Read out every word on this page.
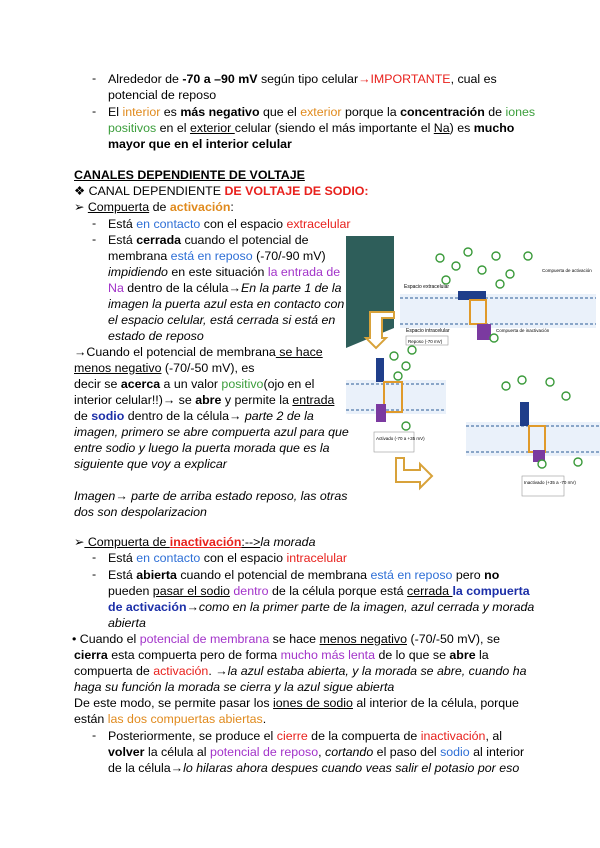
- Alrededor de -70 a –90 mV según tipo celular→IMPORTANTE, cual es
potencial de reposo
- El interior es más negativo que el exterior porque la concentración de iones
positivos en el exterior celular (siendo el más importante el Na) es mucho
mayor que en el interior celular
CANALES DEPENDIENTE DE VOLTAJE
❖ CANAL DEPENDIENTE DE VOLTAJE DE SODIO:
➢ Compuerta de activación:
- Está en contacto con el espacio extracelular
- Está cerrada cuando el potencial de
membrana está en reposo (-70/-90 mV)
impidiendo en este situación la entrada de
Na dentro de la célula→En la parte 1 de la
imagen la puerta azul esta en contacto con
el espacio celular, está cerrada si está en
estado de reposo
→Cuando el potencial de membrana se hace
menos negativo (-70/-50 mV), es
decir se acerca a un valor positivo(ojo en el
interior celular!!)→ se abre y permite la entrada
de sodio dentro de la célula→ parte 2 de la
imagen, primero se abre compuerta azul para que
entre sodio y luego la puerta morada que es la
siguiente que voy a explicar
Imagen→ parte de arriba estado reposo, las otras
dos son despolarizacion
➢ Compuerta de inactivación:-->la morada
- Está en contacto con el espacio intracelular
- Está abierta cuando el potencial de membrana está en reposo pero no
pueden pasar el sodio dentro de la célula porque está cerrada la compuerta
de activación→como en la primer parte de la imagen, azul cerrada y morada
abierta
• Cuando el potencial de membrana se hace menos negativo (-70/-50 mV), se
cierra esta compuerta pero de forma mucho más lenta de lo que se abre la
compuerta de activación. →la azul estaba abierta, y la morada se abre, cuando ha
haga su función la morada se cierra y la azul sigue abierta
De este modo, se permite pasar los iones de sodio al interior de la célula, porque
están las dos compuertas abiertas.
- Posteriormente, se produce el cierre de la compuerta de inactivación, al
volver la célula al potencial de reposo, cortando el paso del sodio al interior
de la célula→lo hilaras ahora despues cuando veas salir el potasio por eso
Espacio extracelular
Espacio intracelular	Compuerta de inactivación
Compuerta de activación
Reposo (-70 mV)
Activado (-70 a +35 mV)
Inactivado (+35 a -70 mV)
